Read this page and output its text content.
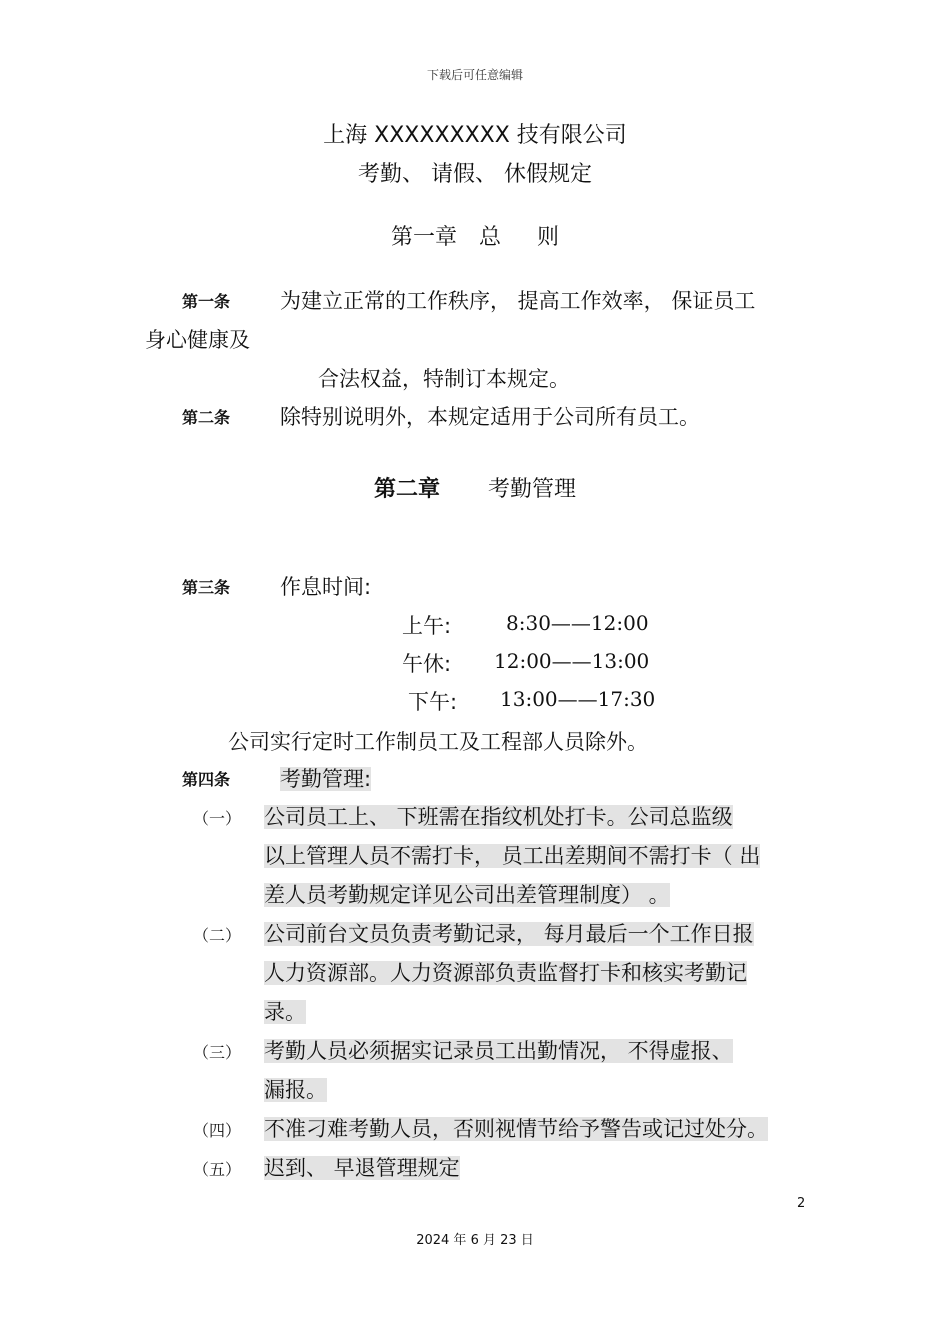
下载后可任意编辑
上海 XXXXXXXXX 技有限公司
考勤、 请假、 休假规定
第一章 总 则
第一条 为建立正常的工作秩序， 提高工作效率， 保证员工
身心健康及
合法权益，特制订本规定。
第二条 除特别说明外，本规定适用于公司所有员工。
第二章 考勤管理
第三条 作息时间:
上午:	8:30——12:00
午休: 12:00——13:00
下午: 13:00——17:30
公司实行定时工作制员工及工程部人员除外。
第四条 考勤管理:
（一） 公司员工上、 下班需在指纹机处打卡。公司总监级
以上管理人员不需打卡， 员工出差期间不需打卡（ 出
差人员考勤规定详见公司出差管理制度） 。
（二） 公司前台文员负责考勤记录， 每月最后一个工作日报
人力资源部。人力资源部负责监督打卡和核实考勤记
录。
（三） 考勤人员必须据实记录员工出勤情况， 不得虚报、
漏报。
（四） 不准刁难考勤人员，否则视情节给予警告或记过处分。
（五） 迟到、 早退管理规定
2
2024 年 6 月 23 日
